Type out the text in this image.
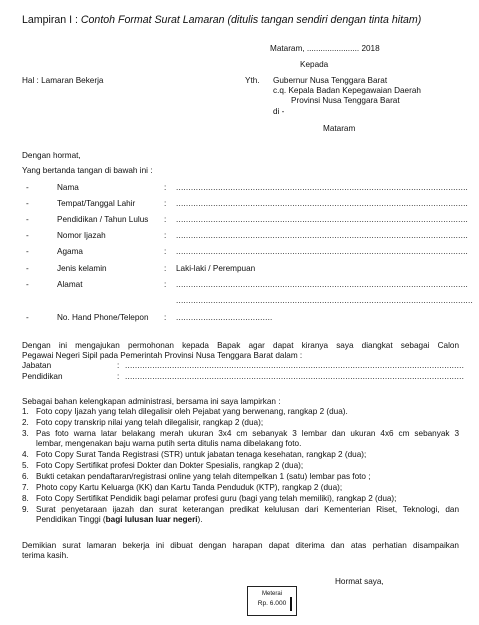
Lampiran I : Contoh Format Surat Lamaran (ditulis tangan sendiri dengan tinta hitam)
Mataram, ....................... 2018
Kepada
Hal : Lamaran Bekerja	Yth. Gubernur Nusa Tenggara Barat
c.q. Kepala Badan Kepegawaian Daerah
Provinsi Nusa Tenggara Barat
di -
Mataram
Dengan hormat,
Yang bertanda tangan di bawah ini :
-	Nama	: ......................................................................................................................
-	Tempat/Tanggal Lahir	: ......................................................................................................................
-	Pendidikan / Tahun Lulus : ......................................................................................................................
-	Nomor Ijazah	: ......................................................................................................................
-	Agama	: ......................................................................................................................
-	Jenis kelamin	: Laki-laki / Perempuan
-	Alamat	: ......................................................................................................................
........................................................................................................................
-	No. Hand Phone/Telepon : .......................................
Dengan ini mengajukan permohonan kepada Bapak agar dapat kiranya saya diangkat sebagai Calon
Pegawai Negeri Sipil pada Pemerintah Provinsi Nusa Tenggara Barat dalam :
Jabatan	: .........................................................................................................................................
Pendidikan	: .........................................................................................................................................
Sebagai bahan kelengkapan administrasi, bersama ini saya lampirkan :
1. Foto copy Ijazah yang telah dilegalisir oleh Pejabat yang berwenang, rangkap 2 (dua).
2. Foto copy transkrip nilai yang telah dilegalisir, rangkap 2 (dua);
3. Pas foto warna latar belakang merah ukuran 3x4 cm sebanyak 3 lembar dan ukuran 4x6 cm sebanyak 3
lembar, mengenakan baju warna putih serta ditulis nama dibelakang foto.
4. Foto Copy Surat Tanda Registrasi (STR) untuk jabatan tenaga kesehatan, rangkap 2 (dua);
5. Foto Copy Sertifikat profesi Dokter dan Dokter Spesialis, rangkap 2 (dua);
6. Bukti cetakan pendaftaran/registrasi online yang telah ditempelkan 1 (satu) lembar pas foto ;
7. Photo copy Kartu Keluarga (KK) dan Kartu Tanda Penduduk (KTP), rangkap 2 (dua);
8. Foto Copy Sertifikat Pendidik bagi pelamar profesi guru (bagi yang telah memiliki), rangkap 2 (dua);
9. Surat penyetaraan ijazah dan surat keterangan predikat kelulusan dari Kementerian Riset, Teknologi, dan
Pendidikan Tinggi (bagi lulusan luar negeri).
Demikian surat lamaran bekerja ini dibuat dengan harapan dapat diterima dan atas perhatian disampaikan
terima kasih.
Hormat saya,
Meterai
Rp. 6.000
